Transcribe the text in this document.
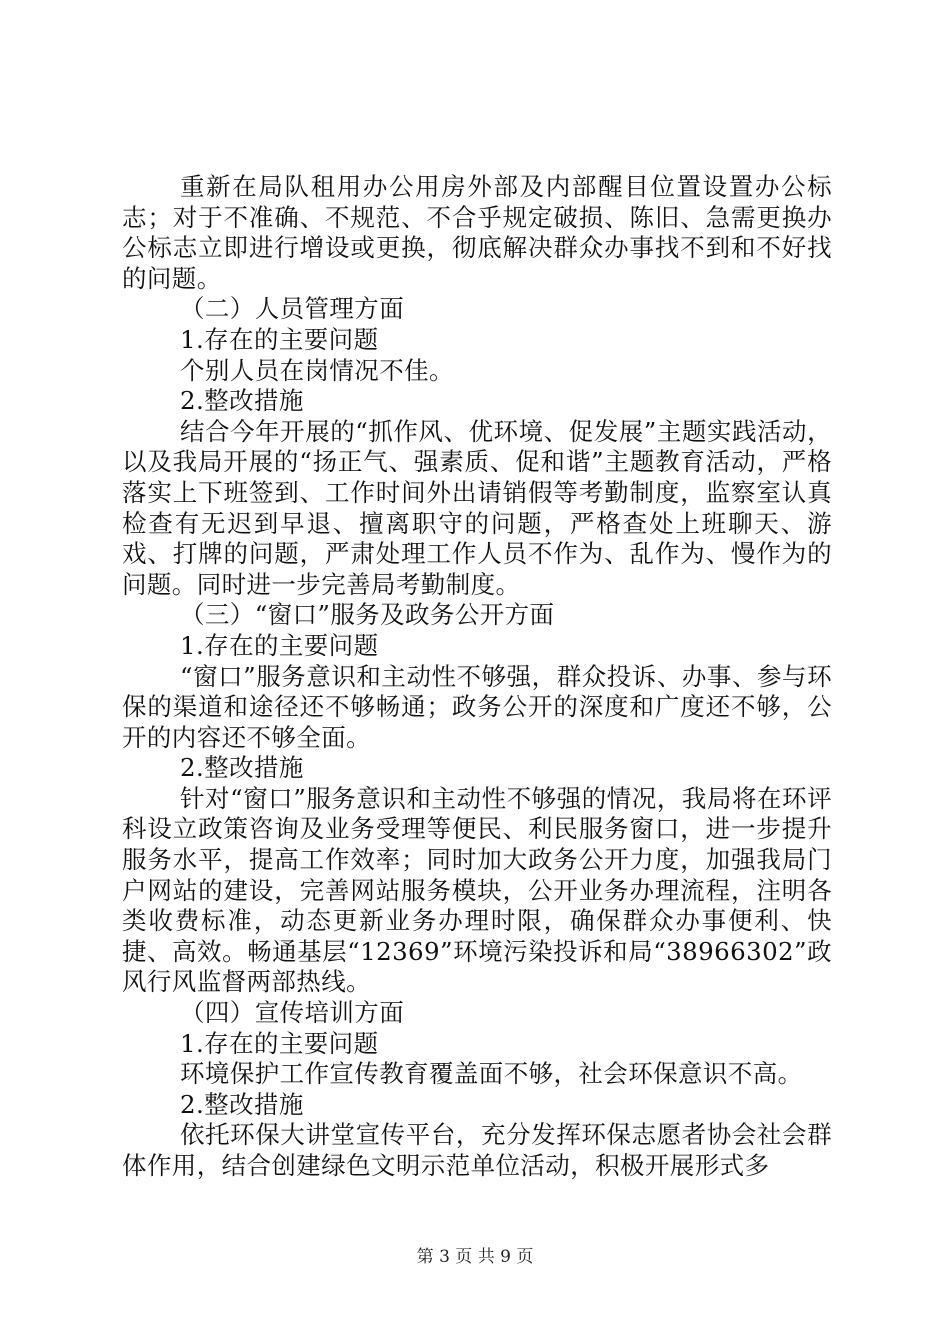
重新在局队租用办公用房外部及内部醒目位置设置办公标志；对于不准确、不规范、不合乎规定破损、陈旧、急需更换办公标志立即进行增设或更换，彻底解决群众办事找不到和不好找的问题。

（二）人员管理方面

1.存在的主要问题

个别人员在岗情况不佳。

2.整改措施

结合今年开展的“抓作风、优环境、促发展”主题实践活动，以及我局开展的“扬正气、强素质、促和谐”主题教育活动，严格落实上下班签到、工作时间外出请销假等考勤制度，监察室认真检查有无迟到早退、擅离职守的问题，严格查处上班聊天、游戏、打牌的问题，严肃处理工作人员不作为、乱作为、慢作为的问题。同时进一步完善局考勤制度。

（三）“窗口”服务及政务公开方面

1.存在的主要问题

“窗口”服务意识和主动性不够强，群众投诉、办事、参与环保的渠道和途径还不够畅通；政务公开的深度和广度还不够，公开的内容还不够全面。

2.整改措施

针对“窗口”服务意识和主动性不够强的情况，我局将在环评科设立政策咨询及业务受理等便民、利民服务窗口，进一步提升服务水平，提高工作效率；同时加大政务公开力度，加强我局门户网站的建设，完善网站服务模块，公开业务办理流程，注明各类收费标准，动态更新业务办理时限，确保群众办事便利、快捷、高效。畅通基层“12369”环境污染投诉和局“38966302”政风行风监督两部热线。

（四）宣传培训方面

1.存在的主要问题

环境保护工作宣传教育覆盖面不够，社会环保意识不高。

2.整改措施

依托环保大讲堂宣传平台，充分发挥环保志愿者协会社会群体作用，结合创建绿色文明示范单位活动，积极开展形式多

第 3 页 共 9 页
